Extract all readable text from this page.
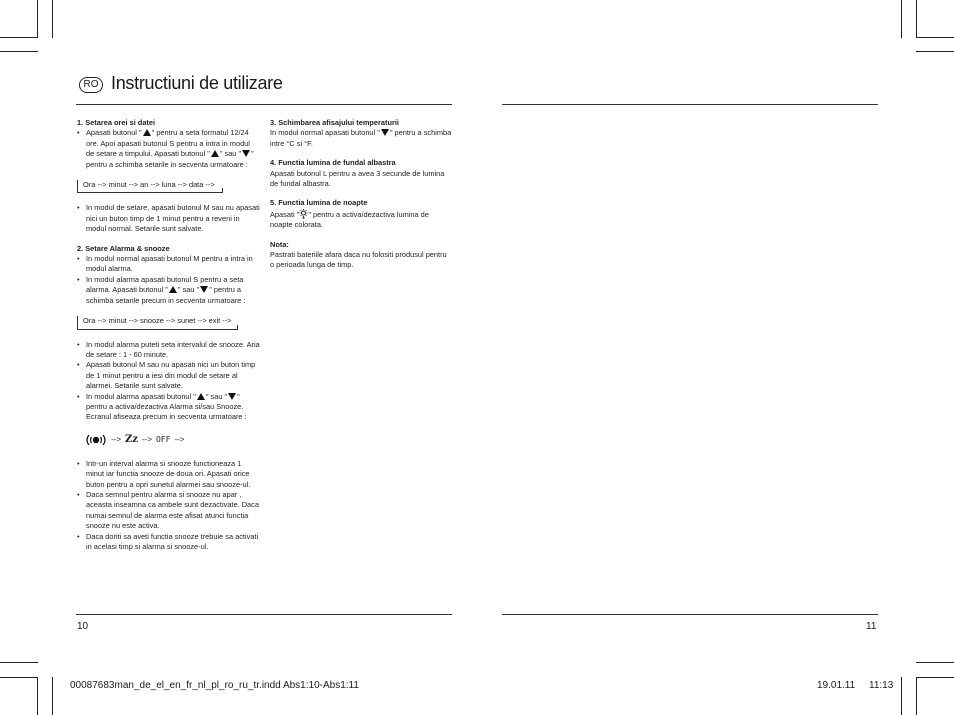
RO Instructiuni de utilizare

1. Setarea orei si datei

• Apasati butonul " " pentru a seta formatul 12/24 ore. Apoi apasati butonul S pentru a intra in modul de setare a timpului. Apasati butonul " " sau " " pentru a schimba setarile in secventa urmatoare :
Ora --> minut --> an --> luna --> data -->
• In modul de setare, apasati butonul M sau nu apasati nici un buton timp de 1 minut pentru a reveni in modul normal. Setarile sunt salvate.

2. Setare Alarma & snooze

• In modul normal apasati butonul M pentru a intra in modul alarma.
• In modul alarma apasati butonul S pentru a seta alarma. Apasati butonul " " sau " " pentru a schimba setarile precum in secventa urmatoare :
Ora --> minut --> snooze --> sunet --> exit -->
• In modul alarma puteti seta intervalul de snooze. Aria de setare : 1 - 60 minute.
• Apasati butonul M sau nu apasati nici un buton timp de 1 minut pentru a iesi din modul de setare al alarmei. Setarile sunt salvate.
• In modul alarma apasati butonul " " sau " " pentru a activa/dezactiva Alarma si/sau Snooze. Ecranul afiseaza precum in secventa urmatoare :
--> Zz --> OFF -->
• Intr-un interval alarma si snooze functioneaza 1 minut iar functia snooze de doua ori. Apasati orice buton pentru a opri sunetul alarmei sau snooze-ul.
• Daca semnul pentru alarma si snooze nu apar , aceasta inseamna ca ambele sunt dezactivate. Daca numai semnul de alarma este afisat atunci functia snooze nu este activa.
• Daca doriti sa aveti functia snooze trebuie sa activati in acelasi timp si alarma si snooze-ul.

3. Schimbarea afisajului temperaturii

In modul normal apasati butonul " " pentru a schimba intre °C si °F.

4. Functia lumina de fundal albastra

Apasati butonul L pentru a avea 3 secunde de lumina de fundal albastra.

5. Functia lumina de noapte

Apasati " " pentru a activa/dezactiva lumina de noapte colorata.

Nota:

Pastrati bateriile afara daca nu folositi produsul pentru o perioada lunga de timp.

10	11
00087683man_de_el_en_fr_nl_pl_ro_ru_tr.indd Abs1:10-Abs1:11	19.01.11 11:13
